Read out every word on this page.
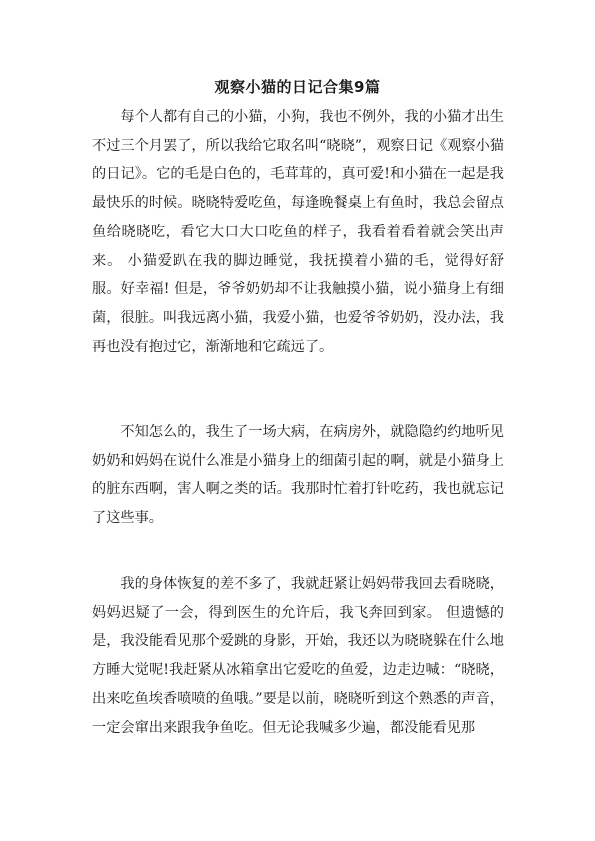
观察小猫的日记合集9篇

每个人都有自己的小猫，小狗，我也不例外，我的小猫才出生不过三个月罢了，所以我给它取名叫“晓晓”，观察日记《观察小猫的日记》。它的毛是白色的，毛茸茸的，真可爱!和小猫在一起是我最快乐的时候。晓晓特爱吃鱼，每逢晚餐桌上有鱼时，我总会留点鱼给晓晓吃，看它大口大口吃鱼的样子，我看着看着就会笑出声来。 小猫爱趴在我的脚边睡觉，我抚摸着小猫的毛，觉得好舒服。好幸福! 但是，爷爷奶奶却不让我触摸小猫，说小猫身上有细菌，很脏。叫我远离小猫，我爱小猫，也爱爷爷奶奶，没办法，我再也没有抱过它，渐渐地和它疏远了。

不知怎么的，我生了一场大病，在病房外，就隐隐约约地听见奶奶和妈妈在说什么准是小猫身上的细菌引起的啊，就是小猫身上的脏东西啊，害人啊之类的话。我那时忙着打针吃药，我也就忘记了这些事。

我的身体恢复的差不多了，我就赶紧让妈妈带我回去看晓晓，妈妈迟疑了一会，得到医生的允许后，我飞奔回到家。 但遗憾的是，我没能看见那个爱跳的身影，开始，我还以为晓晓躲在什么地方睡大觉呢!我赶紧从冰箱拿出它爱吃的鱼爱，边走边喊：“晓晓，出来吃鱼埃香喷喷的鱼哦。”要是以前，晓晓听到这个熟悉的声音，一定会窜出来跟我争鱼吃。但无论我喊多少遍，都没能看见那
